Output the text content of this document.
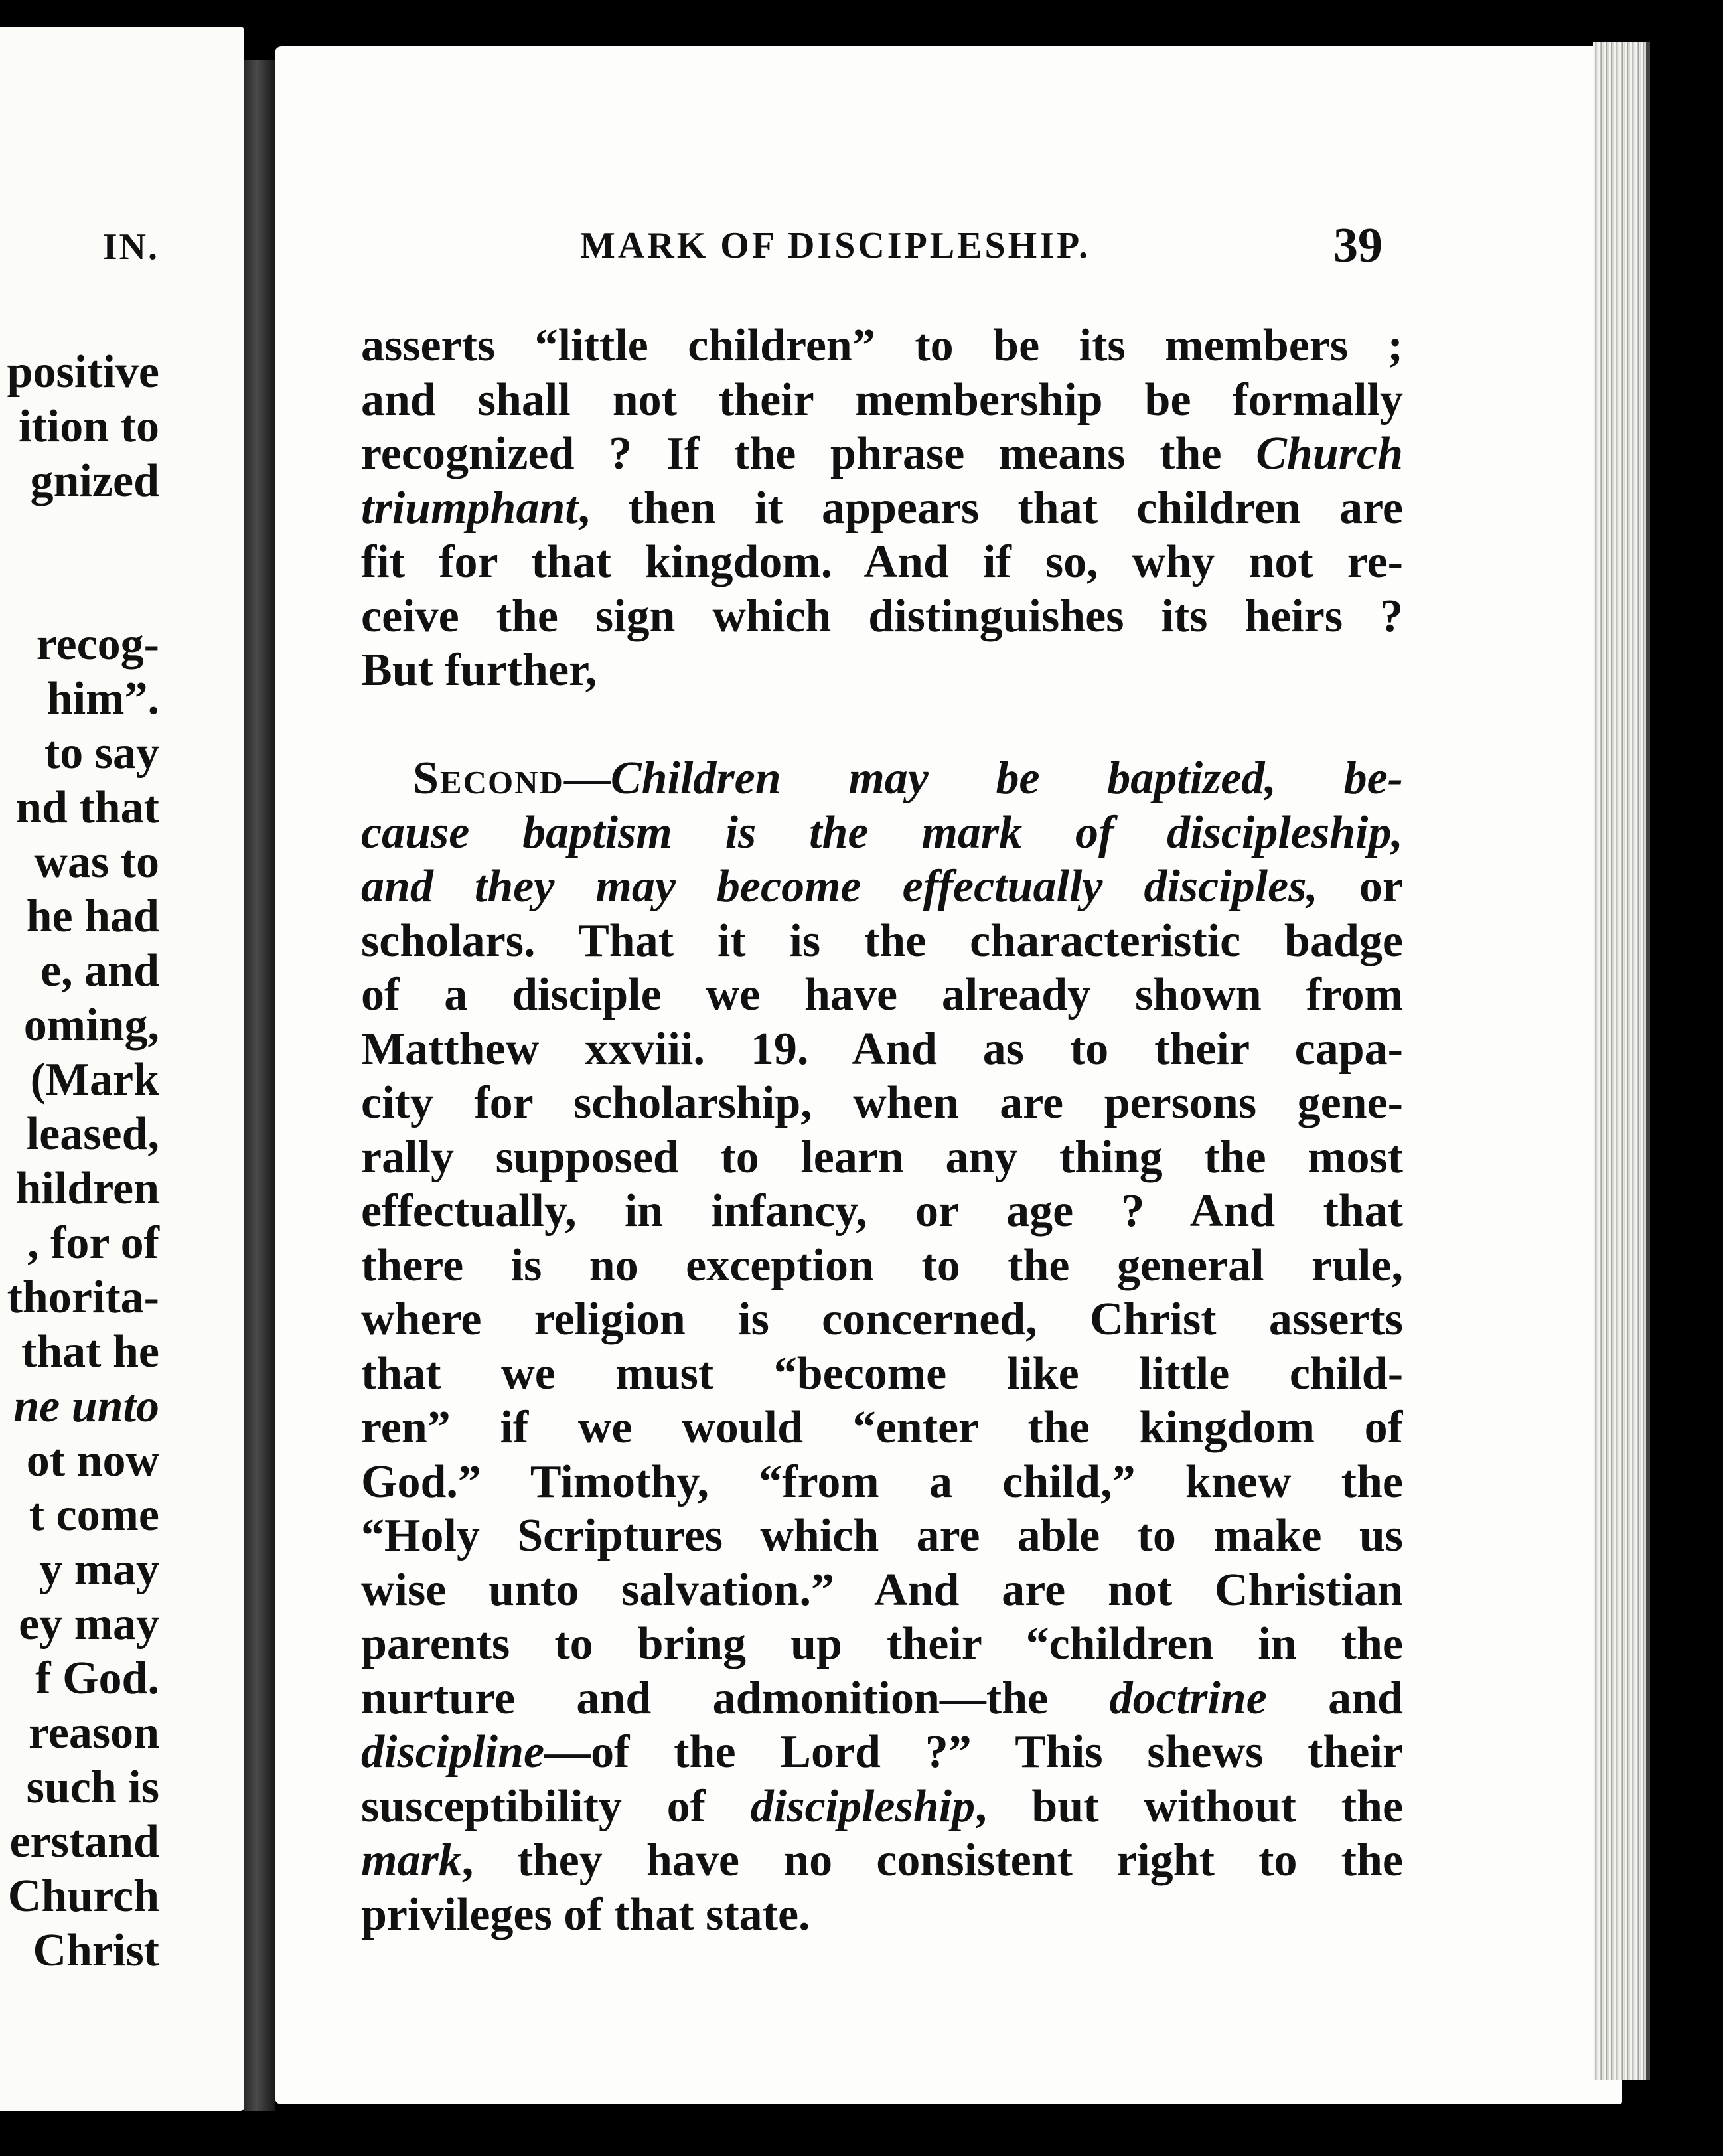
IN.
positive
ition to
gnized
recog-
him”.
to say
nd that
was to
he had
e, and
oming,
(Mark
leased,
hildren
, for of
thorita-
that he
ne unto
ot now
t come
y may
ey may
f God.
reason
such is
erstand
Church
Christ
MARK OF DISCIPLESHIP.	39
asserts “little children” to be its members ;
and shall not their membership be formally
recognized ? If the phrase means the Church
triumphant, then it appears that children are
fit for that kingdom. And if so, why not re-
ceive the sign which distinguishes its heirs ?
But further,
Second—Children may be baptized, be-
cause baptism is the mark of discipleship,
and they may become effectually disciples, or
scholars. That it is the characteristic badge
of a disciple we have already shown from
Matthew xxviii. 19. And as to their capa-
city for scholarship, when are persons gene-
rally supposed to learn any thing the most
effectually, in infancy, or age ? And that
there is no exception to the general rule,
where religion is concerned, Christ asserts
that we must “become like little child-
ren” if we would “enter the kingdom of
God.” Timothy, “from a child,” knew the
“Holy Scriptures which are able to make us
wise unto salvation.” And are not Christian
parents to bring up their “children in the
nurture and admonition—the doctrine and
discipline—of the Lord ?” This shews their
susceptibility of discipleship, but without the
mark, they have no consistent right to the
privileges of that state.
